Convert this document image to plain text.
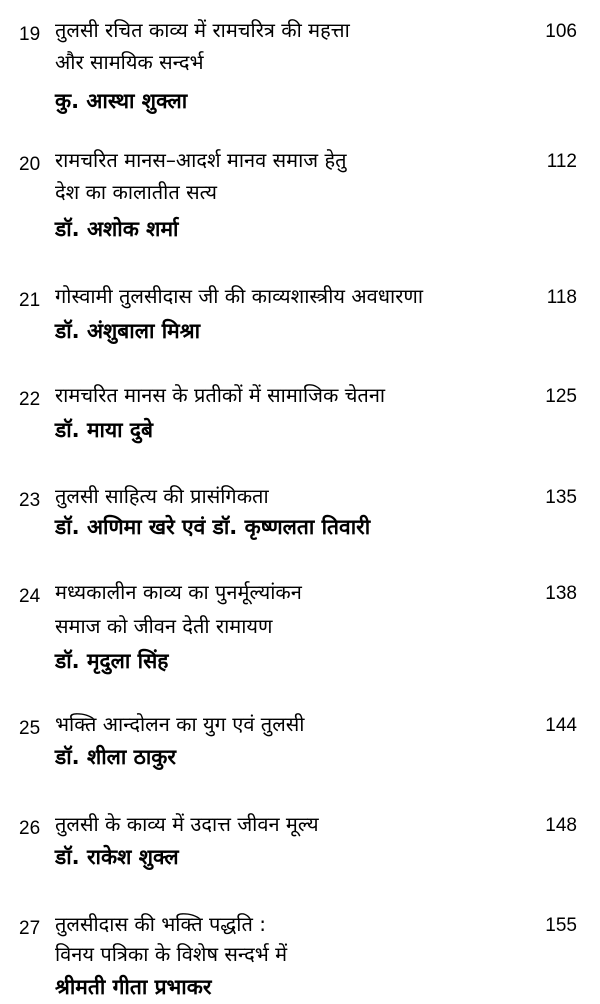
19	106
तुलसी रचित काव्य में रामचरित्र की महत्ता
और सामयिक सन्दर्भ
कु. आस्था शुक्ला
20	112
रामचरित मानस–आदर्श मानव समाज हेतु
देश का कालातीत सत्य
डॉ. अशोक शर्मा
21	118
गोस्वामी तुलसीदास जी की काव्यशास्त्रीय अवधारणा
डॉ. अंशुबाला मिश्रा
22	125
रामचरित मानस के प्रतीकों में सामाजिक चेतना
डॉ. माया दुबे
23	135
तुलसी साहित्य की प्रासंगिकता
डॉ. अणिमा खरे एवं डॉ. कृष्णलता तिवारी
24	138
मध्यकालीन काव्य का पुनर्मूल्यांकन
समाज को जीवन देती रामायण
डॉ. मृदुला सिंह
25	144
भक्ति आन्दोलन का युग एवं तुलसी
डॉ. शीला ठाकुर
26	148
तुलसी के काव्य में उदात्त जीवन मूल्य
डॉ. राकेश शुक्ल
27	155
तुलसीदास की भक्ति पद्धति :
विनय पत्रिका के विशेष सन्दर्भ में
श्रीमती गीता प्रभाकर
